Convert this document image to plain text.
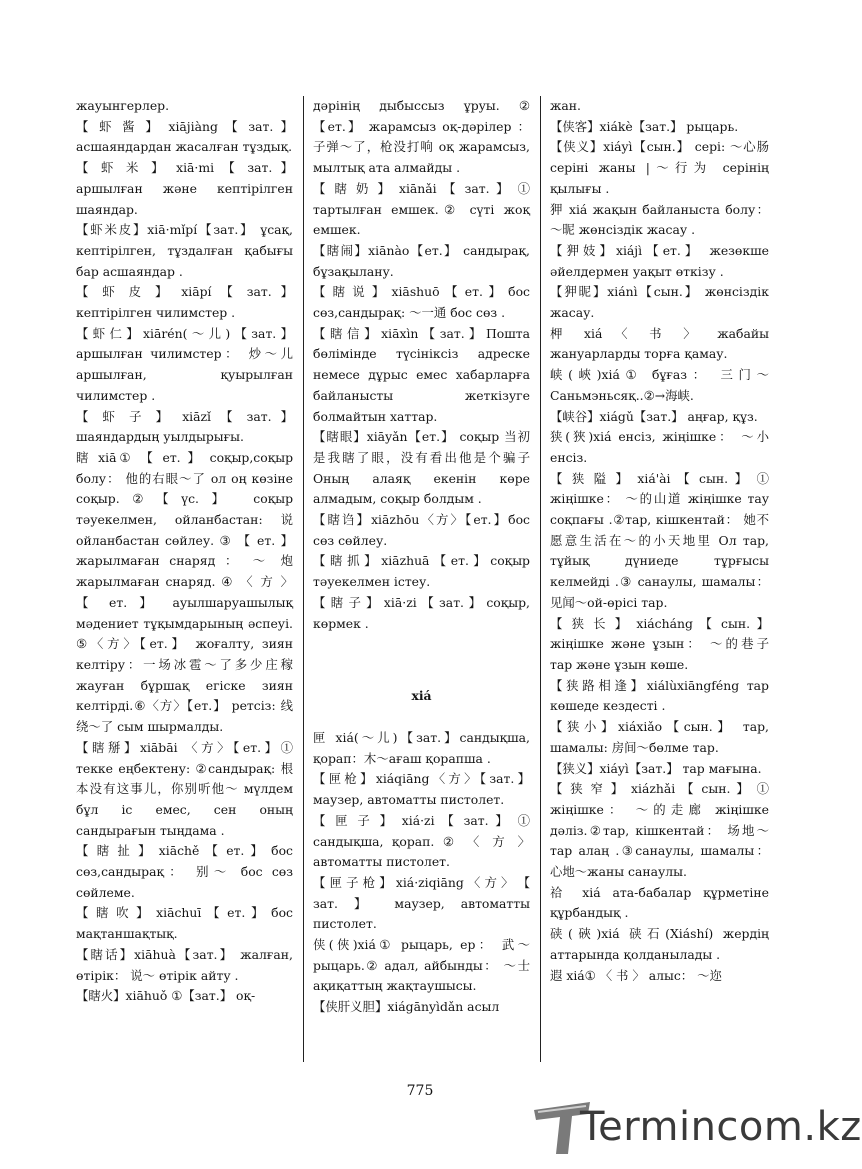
жауынгерлер.

【 虾 酱 】 xiājiàng 【 зат. 】 асшаяндардан жасалған тұздық.

【 虾 米 】 xiā·mi 【 зат. 】 аршылған және кептірілген шаяндар.

【虾米皮】xiā·mǐpí【зат.】 ұсақ, кептірілген, тұздалған қабығы бар асшаяндар .

【 虾 皮 】 xiāpí 【 зат. 】 кептірілген чилимстер .

【虾仁】xiārén(～儿)【зат.】 аршылған чилимстер： 炒～儿 аршылған, қуырылған чилимстер .

【 虾 子 】 xiāzǐ 【 зат. 】 шаяндардың уылдырығы.

瞎 xiā① 【 ет. 】 соқыр,соқыр болу： 他的右眼～了 ол оң көзіне соқыр.②【үс.】 соқыр тәуекелмен, ойланбастан: 说 ойланбастан сөйлеу. ③ 【 ет. 】 жарылмаған снаряд ： ～ 炮 жарылмаған снаряд. ④ 〈 方 〉 【 ет. 】 ауылшаруашылық мәдениет тұқымдарының әспеуі. ⑤〈方〉【ет.】 жоғалту, зиян келтіру：一场冰雹～了多少庄稼 жауған бұршақ егіске зиян келтірді.⑥〈方〉【ет.】 ретсіз: 线绕～了 сым шырмалды.

【瞎掰】xiābāi 〈方〉【ет.】① текке еңбектену: ②сандырақ: 根本没有这事儿，你别听他～ мүлдем бұл іс емес, сен оның сандырағын тыңдама .

【 瞎 扯 】 xiāchě 【 ет. 】 бос сөз,сандырақ： 别～ бос сөз сөйлеме.

【 瞎 吹 】 xiāchuī 【 ет. 】 бос мақтаншақтық.

【瞎话】xiāhuà【зат.】 жалған, өтірік： 说～ өтірік айту .

【瞎火】xiāhuǒ ①【зат.】 оқ-

дәрінің дыбыссыз ұруы. ② 【ет.】 жарамсыз оқ-дәрілер ： 子弹～了，枪没打响 оқ жарамсыз, мылтық ата алмайды .

【 瞎 奶 】 xiānǎi 【 зат. 】 ① тартылған емшек.② сүті жоқ емшек.

【瞎闹】xiānào【ет.】 сандырақ, бұзақылану.

【 瞎 说 】 xiāshuō 【 ет. 】 бос сөз,сандырақ: ～一通 бос сөз .

【 瞎 信 】 xiāxìn 【 зат. 】 Пошта бөлімінде түсініксіз адреске немесе дұрыс емес хабарларға байланысты жеткізуге болмайтын хаттар.

【瞎眼】xiāyǎn【ет.】 соқыр 当初是我瞎了眼，没有看出他是个骗子 Оның алаяқ екенін көре алмадым, соқыр болдым .

【瞎诌】xiāzhōu〈方〉【ет.】бос сөз сөйлеу.

【 瞎 抓 】 xiāzhuā 【 ет. 】 соқыр тәуекелмен істеу.

【 瞎 子 】 xiā·zi 【 зат. 】 соқыр, көрмек .

xiá

匣 xiá(～儿)【зат.】сандықша, қорап：木～ағаш қорапша .

【匣枪】xiáqiāng〈方〉【зат.】 маузер, автоматты пистолет.

【 匣 子 】 xiá·zi 【 зат. 】 ① сандықша, қорап. ② 〈 方 〉 автоматты пистолет.

【 匣 子 枪 】 xiá·ziqiāng 〈 方 〉 【 зат. 】 маузер, автоматты пистолет.

侠(俠)xiá① рыцарь, ер： 武～ рыцарь.② адал, айбынды： ～士 ақиқаттың жақтаушысы.

【侠肝义胆】xiágānyìdǎn асыл

жан.

【侠客】xiákè【зат.】 рыцарь.

【侠义】xiáyì【сын.】 серi: ～心肠 серіні жаны |～行为 серінің қылығы .

狎 xiá жақын байланыста болу： ～昵 жөнсіздік жасау .

【狎妓】xiájì【ет.】 жезөкше әйелдермен уақыт өткізу .

【狎昵】xiánì【сын.】 жөнсіздік жасау.

柙 xiá 〈 书 〉 жабайы жануарларды торға қамау.

峡(峽)xiá① бұғаз： 三门～ Саньмэньсяқ..②→海峡.

【峡谷】xiágǔ【зат.】 аңғар, құз.

狭(狹)xiá енсіз, жіңішке： ～小 енсіз.

【 狭 隘 】 xiá'ài 【 сын. 】 ① жіңішке： ～的山道 жіңішке тау соқпағы .②тар, кішкентай： 她不愿意生活在～的小天地里 Ол тар, тұйық дүниеде тұрғысы келмейді .③ санаулы, шамалы： 见闻～ой-өрісі тар.

【 狭 长 】 xiácháng 【 сын. 】 жіңішке және ұзын： ～的巷子 тар және ұзын көше.

【狭路相逢】xiálùxiāngféng тар көшеде кездесті .

【狭小】xiáxiǎo【сын.】 тар, шамалы: 房间～бөлме тар.

【狭义】xiáyì【зат.】 тар мағына.

【 狭 窄 】 xiázhǎi 【 сын. 】 ① жіңішке： ～的走廊 жіңішке дәліз.②тар, кішкентай： 场地～ тар алаң .③санаулы, шамалы： 心地～жаны санаулы.

祫 xiá ата-бабалар құрметіне құрбандық .

硖(硤)xiá 硖石(Xiáshí) жердің аттарында қолданылады .

遐 xiá① 〈 书 〉 алыс： ～迩

775
Termincom.kz
